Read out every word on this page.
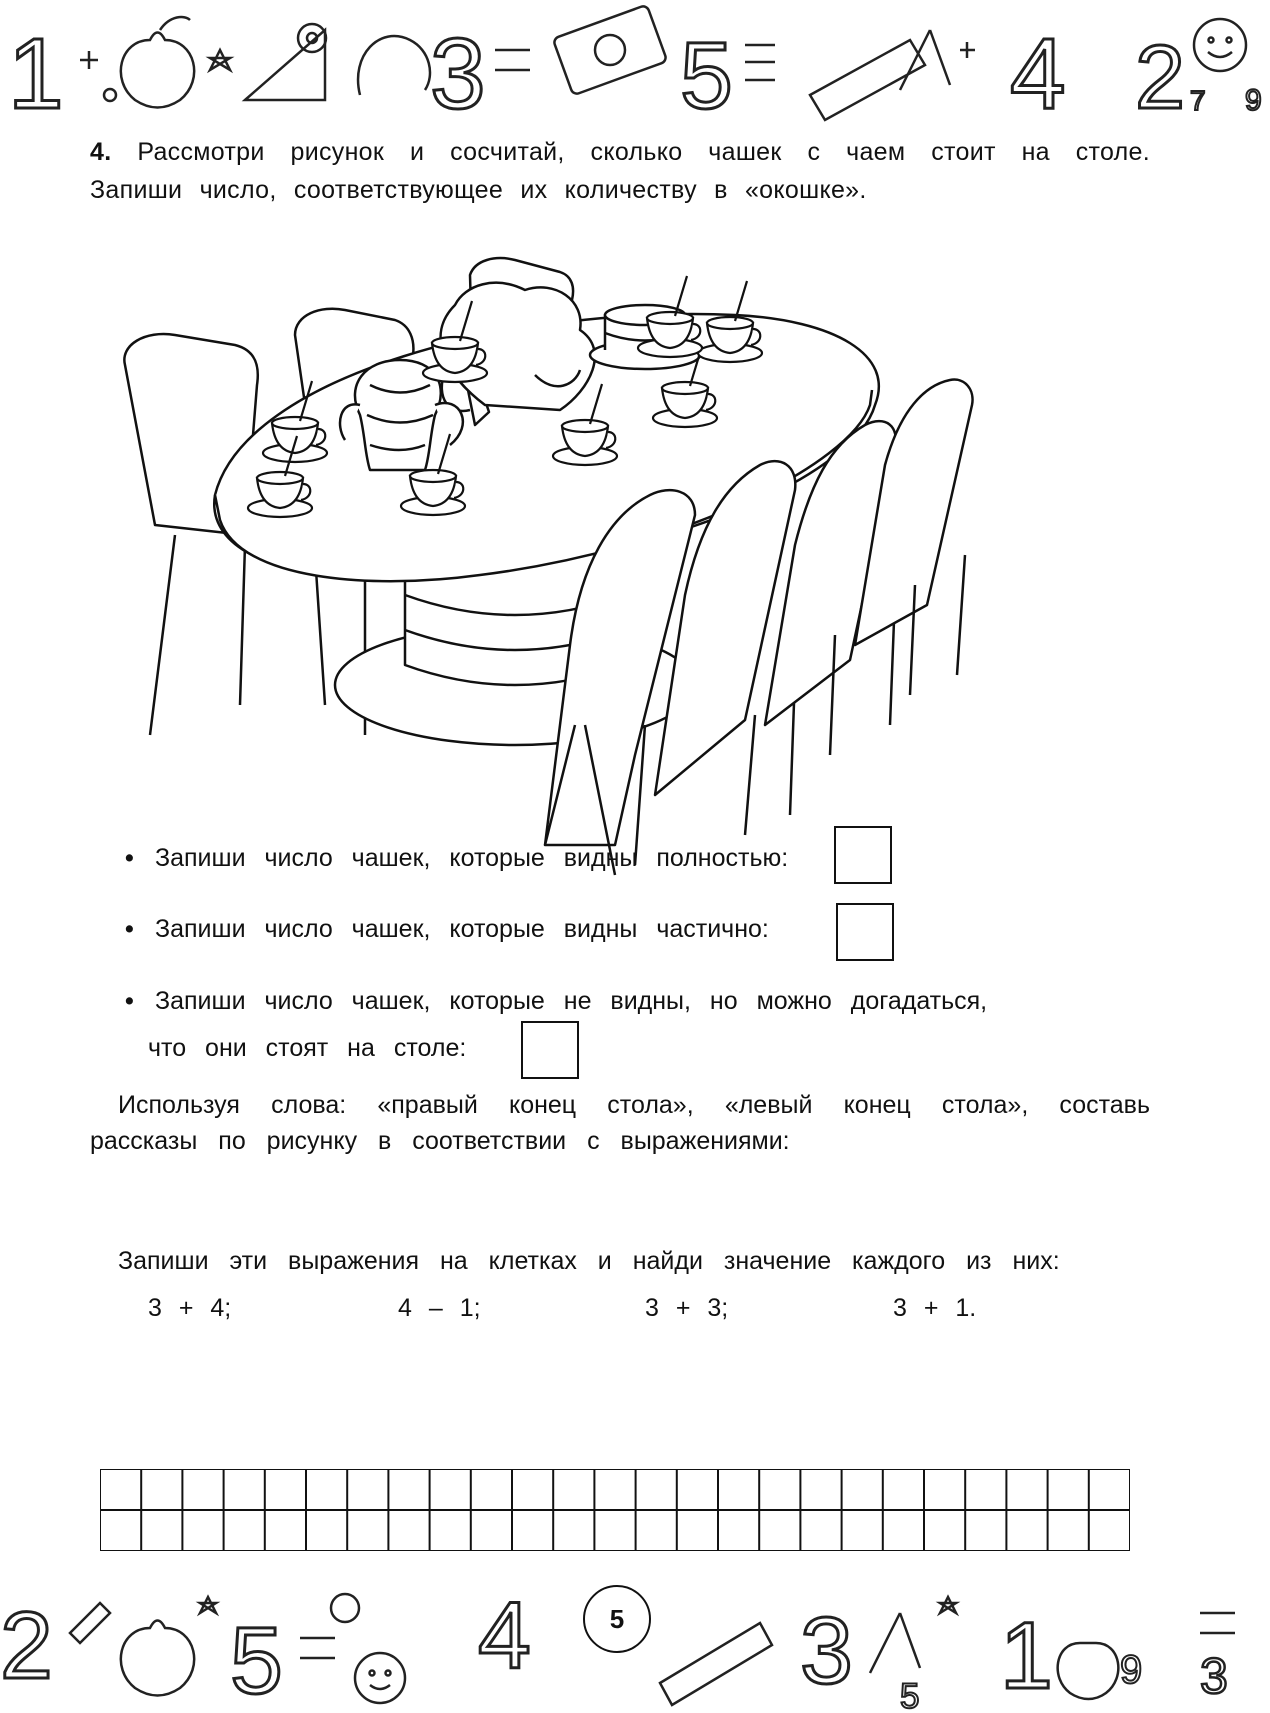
1	3 5	4 2 7 9
4. Рассмотри рисунок и сосчитай, сколько чашек с чаем стоит на столе. Запиши число, соответствующее их количеству в «окошке».
• Запиши число чашек, которые видны полностью:
• Запиши число чашек, которые видны частично:
• Запиши число чашек, которые не видны, но можно догадаться,
что они стоят на столе:
Используя слова: «правый конец стола», «левый конец стола», составь рассказы по рисунку в соответствии с выражениями:
3 + 4;	4 – 1;	3 + 3;	3 + 1.
Запиши эти выражения на клетках и найди значение каждого из них:
2 5 4	3 1 9 3
5
5
